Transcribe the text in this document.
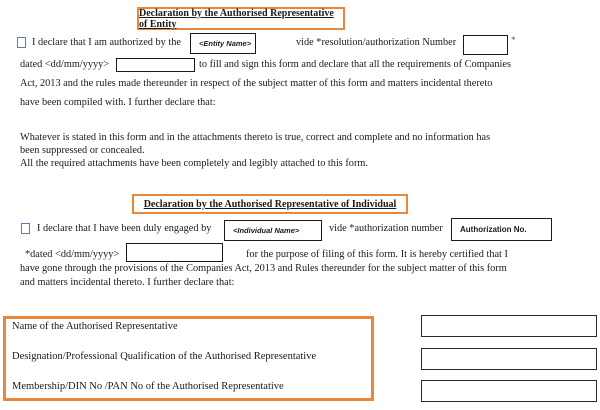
Declaration by the Authorised Representative of Entity
I declare that I am authorized by the	<Entity Name>	vide *resolution/authorization Number	*
dated <dd/mm/yyyy>	to fill and sign this form and declare that all the requirements of Companies
Act, 2013 and the rules made thereunder in respect of the subject matter of this form and matters incidental thereto
have been compiled with. I further declare that:
Whatever is stated in this form and in the attachments thereto is true, correct and complete and no information has
been suppressed or concealed.
All the required attachments have been completely and legibly attached to this form.
Declaration by the Authorised Representative of Individual
I declare that I have been duly engaged by	<Individual Name>	vide *authorization number	Authorization No.
*dated <dd/mm/yyyy>	for the purpose of filing of this form. It is hereby certified that I
have gone through the provisions of the Companies Act, 2013 and Rules thereunder for the subject matter of this form
and matters incidental thereto. I further declare that:
Name of the Authorised Representative
Designation/Professional Qualification of the Authorised Representative
Membership/DIN No /PAN No of the Authorised Representative
